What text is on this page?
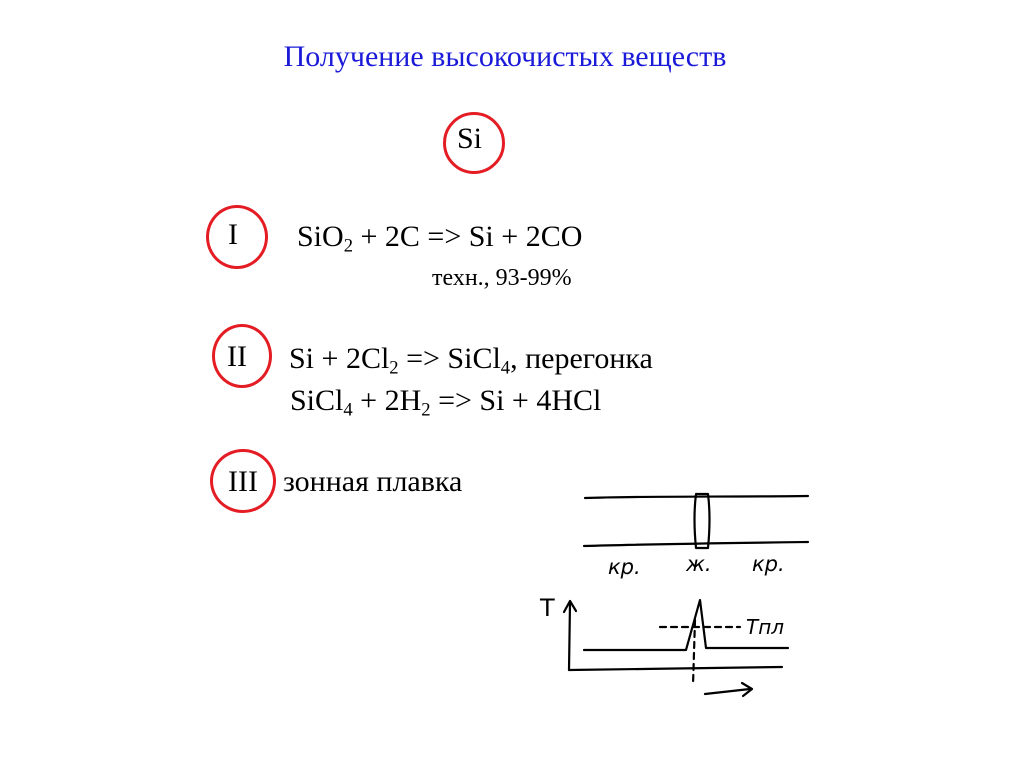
Получение высокочистых веществ
Si
I SiO$_2$ + 2C => Si + 2CO
техн., 93-99%
II $Si + 2Cl_2$ => SiCl$_4$, перегонка
SiCl$_4$ + $2H_2 => Si + 4HCl$
III зонная плавка
кр. ж. кр.
T
Тпл
